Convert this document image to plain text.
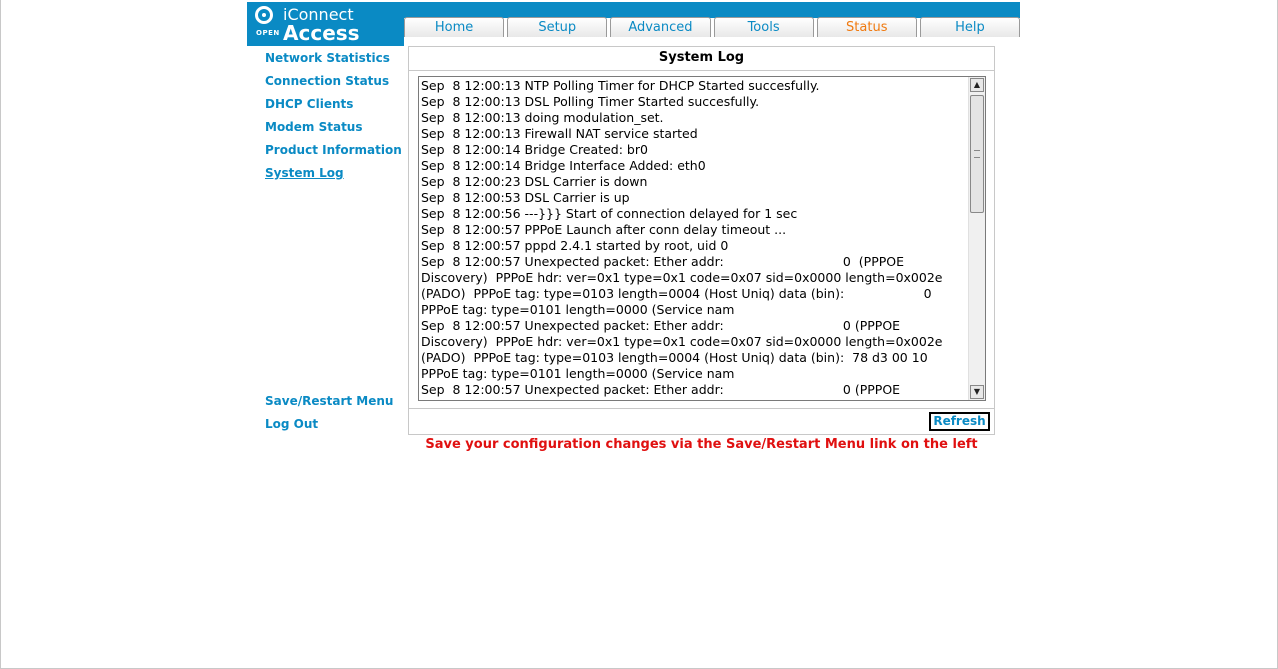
OPEN
iConnect
Access	Home	Setup	Advanced	Tools	Status	Help
Network Statistics
Connection Status
DHCP Clients
Modem Status
Product Information
System Log
Save/Restart Menu
Log Out
System Log
Sep  8 12:00:13 NTP Polling Timer for DHCP Started succesfully.
Sep  8 12:00:13 DSL Polling Timer Started succesfully.
Sep  8 12:00:13 doing modulation_set.
Sep  8 12:00:13 Firewall NAT service started
Sep  8 12:00:14 Bridge Created: br0
Sep  8 12:00:14 Bridge Interface Added: eth0
Sep  8 12:00:23 DSL Carrier is down
Sep  8 12:00:53 DSL Carrier is up
Sep  8 12:00:56 ---}}} Start of connection delayed for 1 sec
Sep  8 12:00:57 PPPoE Launch after conn delay timeout ...
Sep  8 12:00:57 pppd 2.4.1 started by root, uid 0
Sep  8 12:00:57 Unexpected packet: Ether addr:                              0  (PPPOE
Discovery)  PPPoE hdr: ver=0x1 type=0x1 code=0x07 sid=0x0000 length=0x002e
(PADO)  PPPoE tag: type=0103 length=0004 (Host Uniq) data (bin):                    0
PPPoE tag: type=0101 length=0000 (Service nam
Sep  8 12:00:57 Unexpected packet: Ether addr:                              0 (PPPOE
Discovery)  PPPoE hdr: ver=0x1 type=0x1 code=0x07 sid=0x0000 length=0x002e
(PADO)  PPPoE tag: type=0103 length=0004 (Host Uniq) data (bin):  78 d3 00 10
PPPoE tag: type=0101 length=0000 (Service nam
Sep  8 12:00:57 Unexpected packet: Ether addr:                              0 (PPPOE
▲
▼
Refresh
Save your configuration changes via the Save/Restart Menu link on the left
